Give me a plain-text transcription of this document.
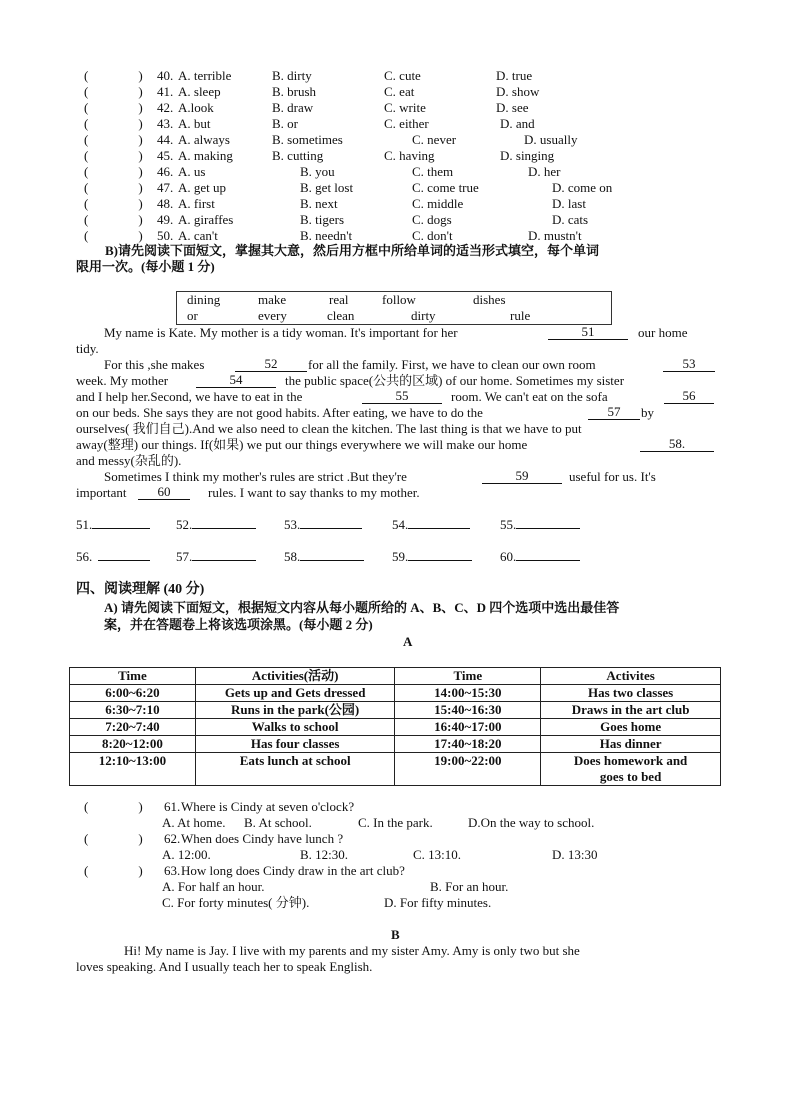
(	) 40. A. terrible	B. dirty	C. cute	D. true
(	) 41. A. sleep	B. brush	C. eat	D. show
(	) 42. A.look	B. draw	C. write	D. see
(	) 43. A. but	B. or	C. either	D. and
(	) 44. A. always	B. sometimes	C. never	D. usually
(	) 45. A. making	B. cutting	C. having	D. singing
(	) 46. A. us	B. you	C. them	D. her
(	) 47. A. get up	B. get lost	C. come true	D. come on
(	) 48. A. first	B. next	C. middle	D. last
(	) 49. A. giraffes	B. tigers	C. dogs	D. cats
(	) 50. A. can't	B. needn't	C. don't	D. mustn't
B)请先阅读下面短文，掌握其大意，然后用方框中所给单词的适当形式填空，每个单词
限用一次。(每小题 1 分)
dining	make	real	follow	dishes
or	every	clean	dirty	rule
My name is Kate. My mother is a tidy woman. It's important for her	51	our home
tidy.
For this ,she makes	52	for all the family. First, we have to clean our own room	53
week. My mother	54	the public space(公共的区域) of our home. Sometimes my sister
and I help her.Second, we have to eat in the	55	room. We can't eat on the sofa	56
on our beds. She says they are not good habits. After eating, we have to do the	57	by
ourselves( 我们自己).And we also need to clean the kitchen. The last thing is that we have to put
away(整理) our things. If(如果) we put our things everywhere we will make our home	58.
and messy(杂乱的).
Sometimes I think my mother's rules are strict .But they're	59	useful for us. It's
important	60	rules. I want to say thanks to my mother.
51.	52.	53.	54.	55.
56.	57.	58.	59.	60.
四、阅读理解 (40 分)
A) 请先阅读下面短文，根据短文内容从每小题所给的 A、B、C、D 四个选项中选出最佳答
案，并在答题卷上将该选项涂黑。(每小题 2 分)
A
Time	Activities(活动)	Time	Activites
6:00~6:20	Gets up and Gets dressed	14:00~15:30	Has two classes
6:30~7:10	Runs in the park(公园)	15:40~16:30	Draws in the art club
7:20~7:40	Walks to school	16:40~17:00	Goes home
8:20~12:00	Has four classes	17:40~18:20	Has dinner
12:10~13:00	Eats lunch at school	19:00~22:00	Does homework and goes to bed
(	) 61. Where is Cindy at seven o'clock?
A. At home. B. At school.	C. In the park.	D.On the way to school.
(	) 62. When does Cindy have lunch ?
A. 12:00.	B. 12:30.	C. 13:10.	D. 13:30
(	) 63. How long does Cindy draw in the art club?
A. For half an hour.	B. For an hour.
C. For forty minutes( 分钟).	D. For fifty minutes.
B
Hi! My name is Jay. I live with my parents and my sister Amy. Amy is only two but she
loves speaking. And I usually teach her to speak English.
